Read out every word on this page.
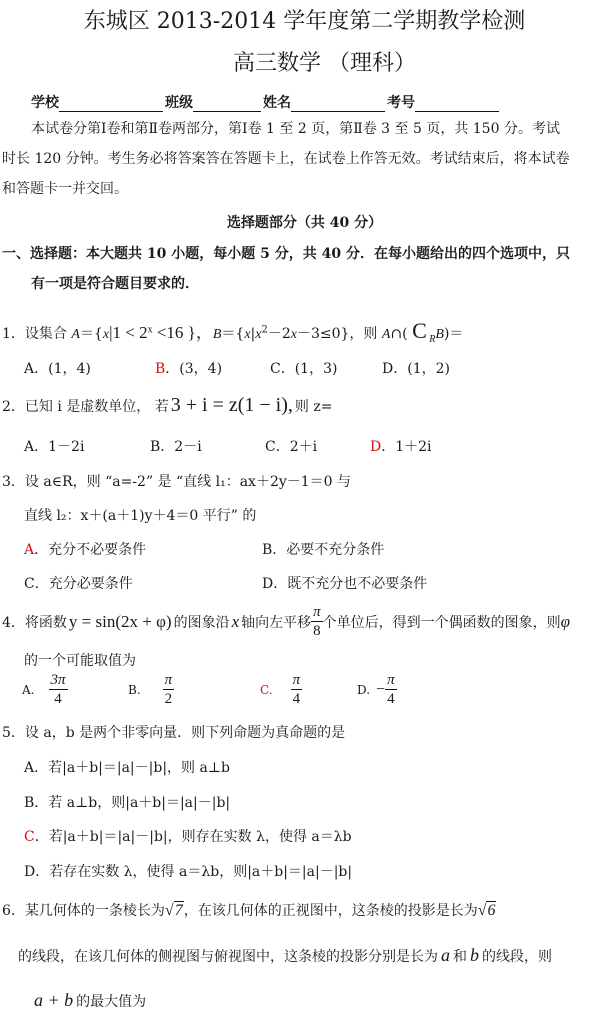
东城区 2013-2014 学年度第二学期教学检测
高三数学 （理科）
学校	班级	姓名	考号
本试卷分第Ⅰ卷和第Ⅱ卷两部分，第Ⅰ卷 1 至 2 页，第Ⅱ卷 3 至 5 页，共 150 分。考试
时长 120 分钟。考生务必将答案答在答题卡上，在试卷上作答无效。考试结束后，将本试卷
和答题卡一并交回。
选择题部分（共 40 分）
一、选择题：本大题共 10 小题，每小题 5 分，共 40 分．在每小题给出的四个选项中，只
有一项是符合题目要求的．
1．设集合 $A=\{x|1 < 2^x <16$ }，$B=\{x|x^2-2x-3\le 0\}$，则 A∩( C $_R$B)＝
A．(1，4)	B．(3，4)	C．(1，3)	D．(1，2)
2．已知 i 是虚数单位， 若 3 + i = z(1 − i), 则 z=
A．1－2i	B．2－i	C．2＋i	D．1＋2i
3．设 a∈R，则 “a=-2” 是 “直线 l₁：ax＋2y－1＝0 与
直线 l₂：x＋(a＋1)y＋4＝0 平行” 的
A．充分不必要条件	B．必要不充分条件
C．充分必要条件	D．既不充分也不必要条件
4． 将函数 y = sin(2x + φ) 的图象沿 x 轴向左平移 $\frac{\pi}{8}$ 个单位后，得到一个偶函数的图象，则 φ
的一个可能取值为
A. $\frac{3\pi}{4}$	B. $\frac{\pi}{2}$	C. $\frac{\pi}{4}$	D. − $\frac{\pi}{4}$
5．设 a，b 是两个非零向量．则下列命题为真命题的是
A．若|a＋b|＝|a|－|b|，则 a⊥b
B．若 a⊥b，则|a＋b|＝|a|－|b|
C．若|a＋b|＝|a|－|b|，则存在实数 λ，使得 a＝λb
D．若存在实数 λ，使得 a＝λb，则|a＋b|＝|a|－|b|
6．某几何体的一条棱长为√7，在该几何体的正视图中，这条棱的投影是长为√6
的线段，在该几何体的侧视图与俯视图中，这条棱的投影分别是长为 a 和 b 的线段，则
a + b 的最大值为
